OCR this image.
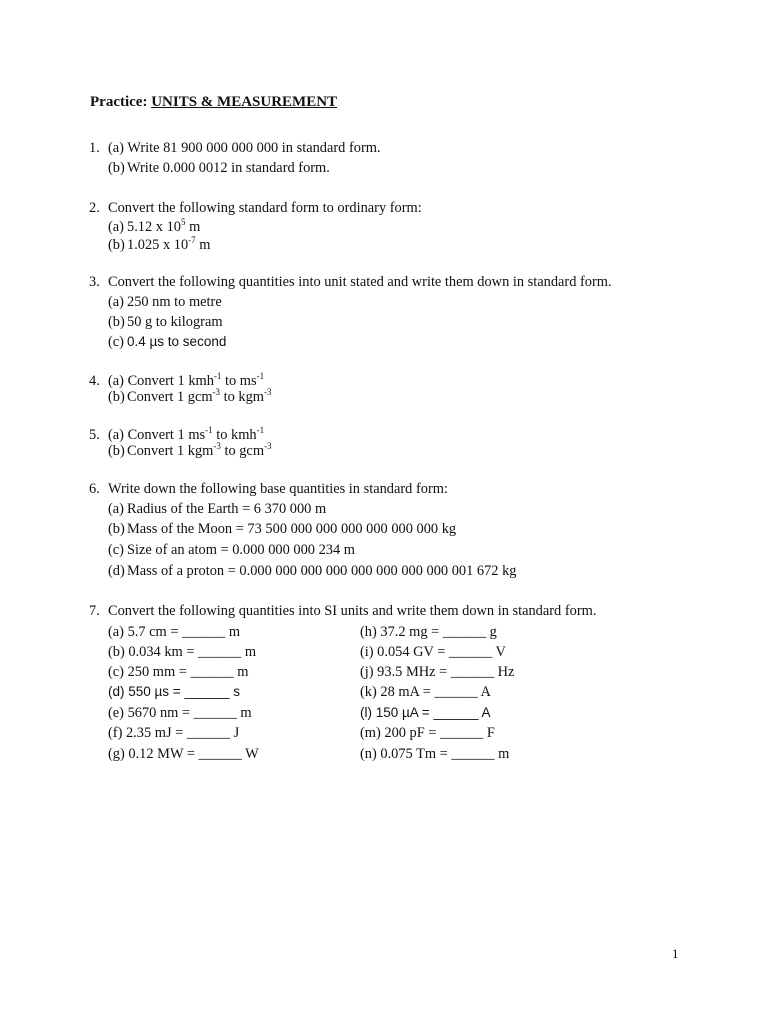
Practice: UNITS & MEASUREMENT
1. (a) Write 81 900 000 000 000 in standard form.
(b) Write 0.000 0012 in standard form.
2. Convert the following standard form to ordinary form:
(a) 5.12 x $10^5$ m
(b) 1.025 x $10^{-7}$ m
3. Convert the following quantities into unit stated and write them down in standard form.
(a) 250 nm to metre
(b) 50 g to kilogram
(c) 0.4 µs to second
4. (a) Convert 1 kmh$^{-1}$ to $ms^{-1}$
(b) Convert 1 gcm$^{-3}$ to kgm$^{-3}$
5. (a) Convert 1 $ms^{-1}$ to kmh$^{-1}$
(b) Convert 1 kgm$^{-3}$ to gcm$^{-3}$
6. Write down the following base quantities in standard form:
(a) Radius of the Earth = 6 370 000 m
(b) Mass of the Moon = 73 500 000 000 000 000 000 000 kg
(c) Size of an atom = 0.000 000 000 234 m
(d) Mass of a proton = 0.000 000 000 000 000 000 000 000 001 672 kg
7. Convert the following quantities into SI units and write them down in standard form.
(a) 5.7 cm = ______ m
(b) 0.034 km = ______ m
(c) 250 mm = ______ m
(d) 550 µs = ______ s
(e) 5670 nm = ______ m
(f) 2.35 mJ = ______ J
(g) 0.12 MW = ______ W
(h) 37.2 mg = ______ g
(i) 0.054 GV = ______ V
(j) 93.5 MHz = ______ Hz
(k) 28 mA = ______ A
(l) 150 µA = ______ A
(m) 200 pF = ______ F
(n) 0.075 Tm = ______ m
1
